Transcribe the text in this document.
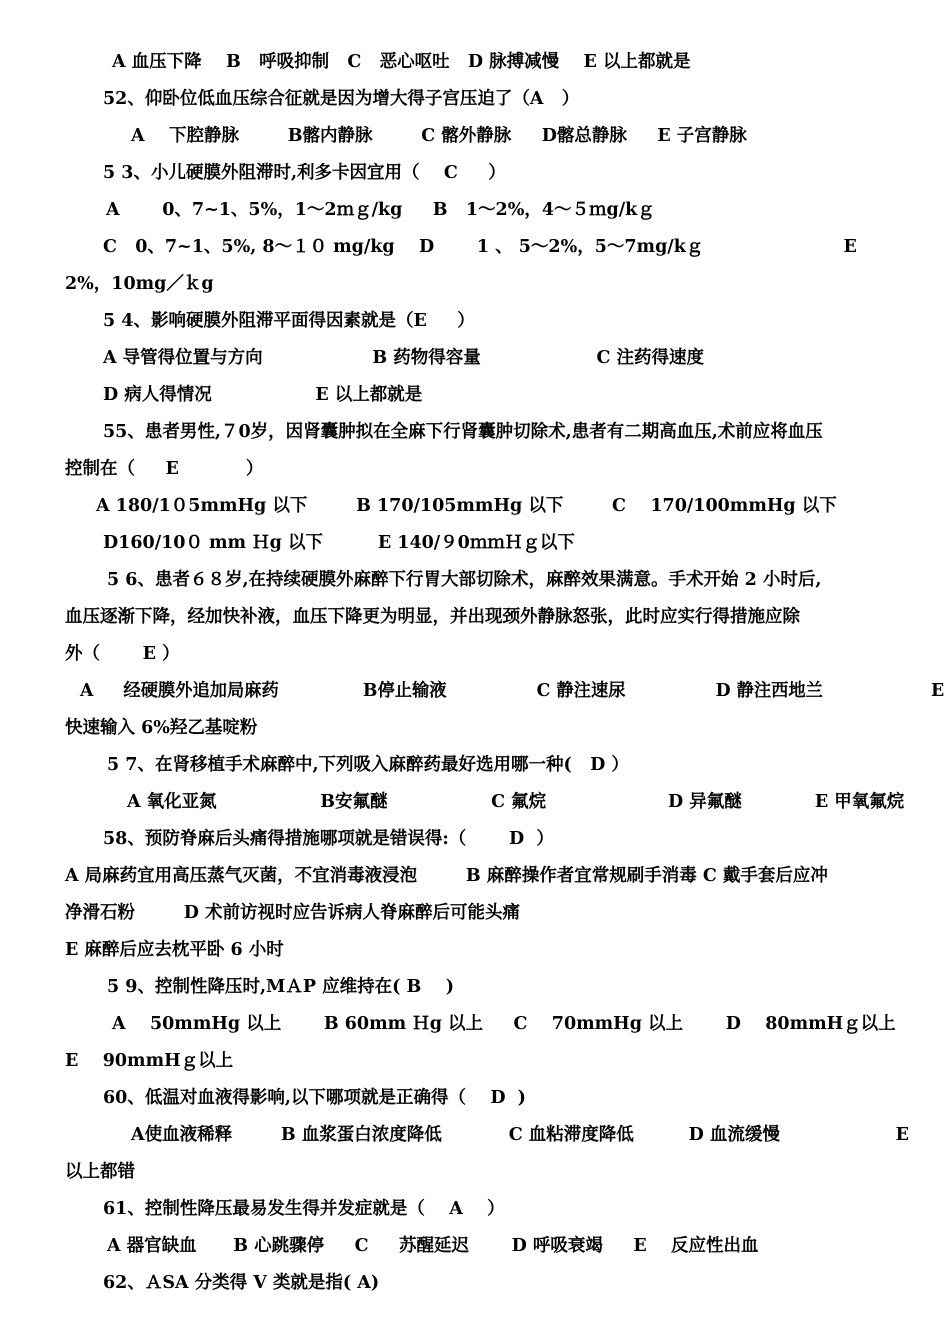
A 血压下降    B   呼吸抑制   C   恶心呕吐   D 脉搏减慢    E 以上都就是
52、仰卧位低血压综合征就是因为增大得子宫压迫了（A   ）
A    下腔静脉        B髂内静脉        C 髂外静脉     D髂总静脉     E 子宫静脉
5 3、小儿硬膜外阻滞时,利多卡因宜用（    C     ）
A       0、7~1、5%，1～2ｍｇ/kg     B   1～2%，4～５ｍg/kｇ
C   0、7~1、5%, 8～１０ mg/kg    D       1 、 5～2%，5～7mg/kｇ                       E
2%，10mg／ｋg
5 4、影响硬膜外阻滞平面得因素就是（E     ）
A 导管得位置与方向                  B 药物得容量                   C 注药得速度
D 病人得情况                 E 以上都就是
55、患者男性,７0岁，因肾囊肿拟在全麻下行肾囊肿切除术,患者有二期高血压,术前应将血压
控制在（     E           ）
A 180/1０5mmHg 以下        B 170/105mmHg 以下        C    170/100mmHg 以下
D160/10０ mm Ｈg 以下         E 140/９0ｍｍＨｇ以下
5 6、患者６８岁,在持续硬膜外麻醉下行胃大部切除术，麻醉效果满意。手术开始 2 小时后,
血压逐渐下降，经加快补液，血压下降更为明显，并出现颈外静脉怒张，此时应实行得措施应除
外（       E ）
A     经硬膜外追加局麻药              B停止输液               C 静注速尿               D 静注西地兰                  E
快速输入 6%羟乙基啶粉
5 7、在肾移植手术麻醉中,下列吸入麻醉药最好选用哪一种(   D ）
A 氧化亚氮                 B安氟醚                 C 氟烷                    D 异氟醚            E 甲氧氟烷
58、预防脊麻后头痛得措施哪项就是错误得:（       D  ）
A 局麻药宜用高压蒸气灭菌，不宜消毒液浸泡        B 麻醉操作者宜常规刷手消毒 C 戴手套后应冲
净滑石粉        D 术前访视时应告诉病人脊麻醉后可能头痛
E 麻醉后应去枕平卧 6 小时
5 9、控制性降压时,MＡP 应维持在( B    )
A    50mmHg 以上       B 60mm Ｈg 以上     C    70mmHg 以上       D    80mmHｇ以上
E    90mmHｇ以上
60、低温对血液得影响,以下哪项就是正确得（    D  )
A使血液稀释        B 血浆蛋白浓度降低           C 血粘滞度降低         D 血流缓慢                   E
以上都错
61、控制性降压最易发生得并发症就是（    A    ）
A 器官缺血      B 心跳骤停     C     苏醒延迟       D 呼吸衰竭     E    反应性出血
62、ＡSA 分类得 V 类就是指( A)
